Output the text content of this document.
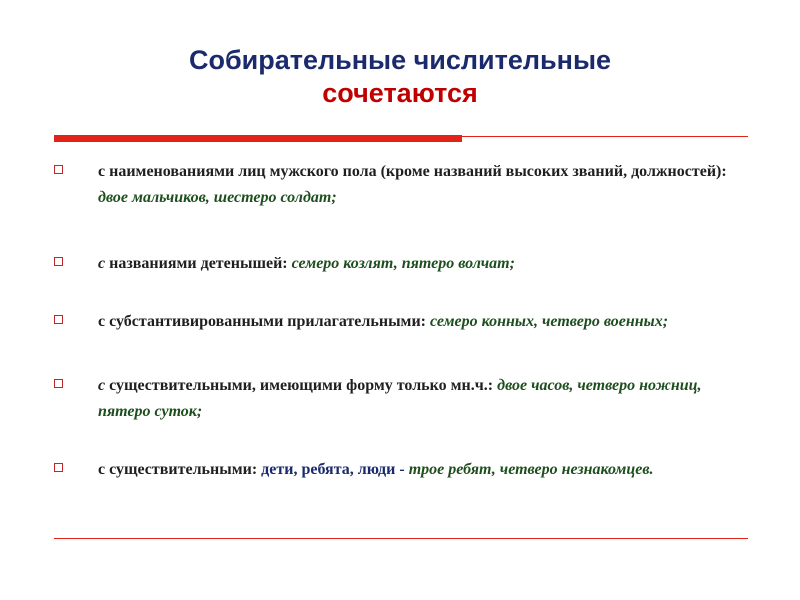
Собирательные числительные
сочетаются
с наименованиями лиц мужского пола (кроме названий высоких званий, должностей): двое мальчиков, шестеро солдат;
с названиями детенышей: семеро козлят, пятеро волчат;
с субстантивированными прилагательными: семеро конных, четверо военных;
с существительными, имеющими форму только мн.ч.: двое часов, четверо ножниц, пятеро суток;
с существительными: дети, ребята, люди - трое ребят, четверо незнакомцев.
